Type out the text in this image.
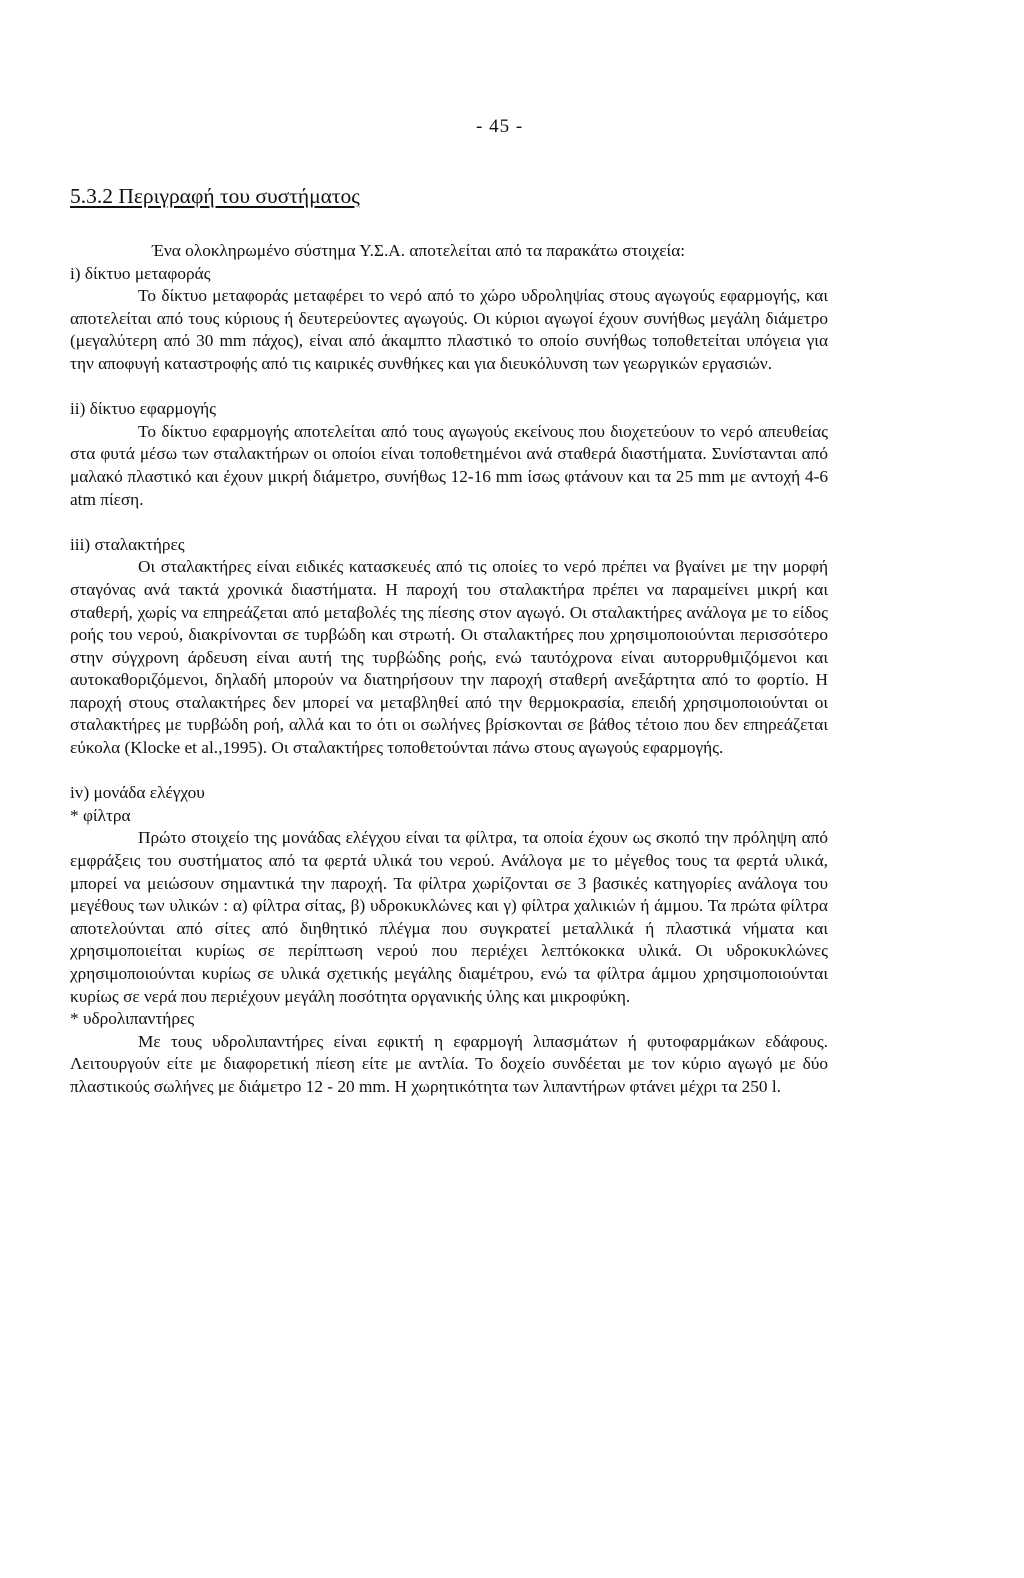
- 45 -
5.3.2 Περιγραφή του συστήματος

Ένα ολοκληρωμένο σύστημα Υ.Σ.Α. αποτελείται από τα παρακάτω στοιχεία:

i) δίκτυο μεταφοράς

Το δίκτυο μεταφοράς μεταφέρει το νερό από το χώρο υδροληψίας στους αγωγούς εφαρμογής, και αποτελείται από τους κύριους ή δευτερεύοντες αγωγούς. Οι κύριοι αγωγοί έχουν συνήθως μεγάλη διάμετρο (μεγαλύτερη από 30 mm πάχος), είναι από άκαμπτο πλαστικό το οποίο συνήθως τοποθετείται υπόγεια για την αποφυγή καταστροφής από τις καιρικές συνθήκες και για διευκόλυνση των γεωργικών εργασιών.

ii) δίκτυο εφαρμογής

Το δίκτυο εφαρμογής αποτελείται από τους αγωγούς εκείνους που διοχετεύουν το νερό απευθείας στα φυτά μέσω των σταλακτήρων οι οποίοι είναι τοποθετημένοι ανά σταθερά διαστήματα. Συνίστανται από μαλακό πλαστικό και έχουν μικρή διάμετρο, συνήθως 12-16 mm ίσως φτάνουν και τα 25 mm με αντοχή 4-6 atm πίεση.

iii) σταλακτήρες

Οι σταλακτήρες είναι ειδικές κατασκευές από τις οποίες το νερό πρέπει να βγαίνει με την μορφή σταγόνας ανά τακτά χρονικά διαστήματα. Η παροχή του σταλακτήρα πρέπει να παραμείνει μικρή και σταθερή, χωρίς να επηρεάζεται από μεταβολές της πίεσης στον αγωγό. Οι σταλακτήρες ανάλογα με το είδος ροής του νερού, διακρίνονται σε τυρβώδη και στρωτή. Οι σταλακτήρες που χρησιμοποιούνται περισσότερο στην σύγχρονη άρδευση είναι αυτή της τυρβώδης ροής, ενώ ταυτόχρονα είναι αυτορρυθμιζόμενοι και αυτοκαθοριζόμενοι, δηλαδή μπορούν να διατηρήσουν την παροχή σταθερή ανεξάρτητα από το φορτίο. Η παροχή στους σταλακτήρες δεν μπορεί να μεταβληθεί από την θερμοκρασία, επειδή χρησιμοποιούνται οι σταλακτήρες με τυρβώδη ροή, αλλά και το ότι οι σωλήνες βρίσκονται σε βάθος τέτοιο που δεν επηρεάζεται εύκολα (Klocke et al.,1995). Οι σταλακτήρες τοποθετούνται πάνω στους αγωγούς εφαρμογής.

iv) μονάδα ελέγχου

* φίλτρα

Πρώτο στοιχείο της μονάδας ελέγχου είναι τα φίλτρα, τα οποία έχουν ως σκοπό την πρόληψη από εμφράξεις του συστήματος από τα φερτά υλικά του νερού. Ανάλογα με το μέγεθος τους τα φερτά υλικά, μπορεί να μειώσουν σημαντικά την παροχή. Τα φίλτρα χωρίζονται σε 3 βασικές κατηγορίες ανάλογα του μεγέθους των υλικών : α) φίλτρα σίτας, β) υδροκυκλώνες και γ) φίλτρα χαλικιών ή άμμου. Τα πρώτα φίλτρα αποτελούνται από σίτες από διηθητικό πλέγμα που συγκρατεί μεταλλικά ή πλαστικά νήματα και χρησιμοποιείται κυρίως σε περίπτωση νερού που περιέχει λεπτόκοκκα υλικά. Οι υδροκυκλώνες χρησιμοποιούνται κυρίως σε υλικά σχετικής μεγάλης διαμέτρου, ενώ τα φίλτρα άμμου χρησιμοποιούνται κυρίως σε νερά που περιέχουν μεγάλη ποσότητα οργανικής ύλης και μικροφύκη.

* υδρολιπαντήρες

Με τους υδρολιπαντήρες είναι εφικτή η εφαρμογή λιπασμάτων ή φυτοφαρμάκων εδάφους. Λειτουργούν είτε με διαφορετική πίεση είτε με αντλία. Το δοχείο συνδέεται με τον κύριο αγωγό με δύο πλαστικούς σωλήνες με διάμετρο 12 - 20 mm. Η χωρητικότητα των λιπαντήρων φτάνει μέχρι τα 250 l.
